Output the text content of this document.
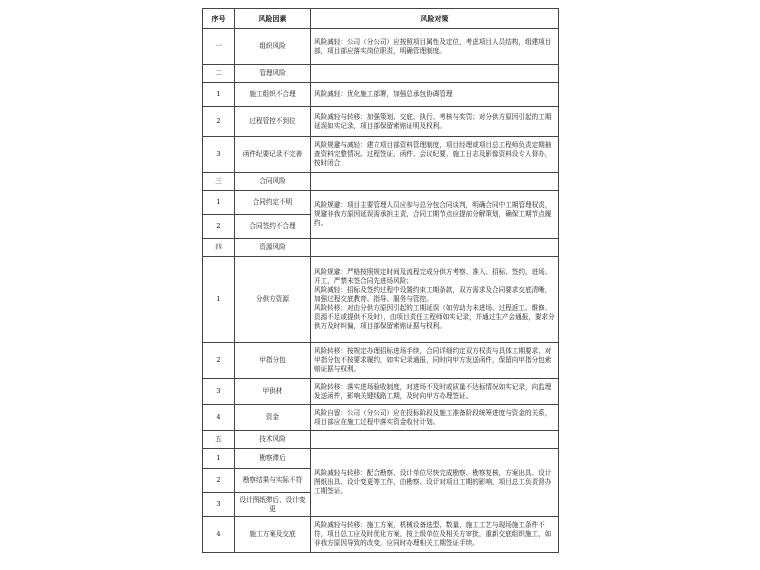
序号	风险因素	风险对策
一	组织风险	风险减轻：公司（分公司）应按照项目属性及定位，考虑项目人员结构，组建项目部，项目部应落实岗位职责，明确管理制度。
二	管理风险	
1	施工组织不合理	风险减轻：优化施工部署，加强总承包协调管理
2	过程管控不到位	风险减轻与转移：加强策划、交底、执行、考核与奖罚；对分供方原因引起的工期延误如实记录，项目部保留索赔证明及权利。
3	函件纪要记录不完善	风险规避与减轻：建立项目部资料管理制度，项目经理或项目总工程师负责定期抽查资料完整情况。过程签证、函件、会议纪要、施工日志及影像资料设专人督办，按时闭合
三	合同风险	
1	合同约定不明	风险规避：项目主要管理人员应参与总分包合同谈判，明确合同中工期管理权责，规避非我方原因延误需承担主责，合同工期节点应提前分解策划，确保工期节点履约。
2	合同签约不合理	
四	资源风险	
1	分供方资源	风险规避：严格按照规定时间及流程完成分供方考察、准入、招标、签约，进场、开工，严禁未签合同先进场风险；
风险减轻：招标及签约过程中设置约束工期条款，双方需求及合同要求交底清晰，加强过程交底教育、指导、服务与管控。
风险转移：对由分供方原因引起的工期延误（如劳动力未进场、过程返工、维修、资源不足或提供不及时），由项目责任工程师如实记录，并通过生产会通报，要求分供方及时纠偏，项目部保留索赔证据与权利。

2	甲指分包	风险转移：按规定办理招标进场手续，合同详细约定双方权责与具体工期要求，对甲指分包不按要求履约，如实记录通报，同时向甲方发送函件，保留向甲指分包索赔证据与权利。
3	甲供材	风险转移：落实进场验收制度，对进场不及时或质量不达标情况如实记录，向监理发送函件，影响关键线路工期，及时向甲方办理签证。
4	资金	风险自留：公司（分公司）应在投标阶段及施工准备阶段统筹进度与资金的关系，项目部应在施工过程中落实资金收付计划。
五	技术风险	
1	勘察滞后	风险减轻与转移：配合勘察、设计单位尽快完成勘察、勘察复核，方案出具、设计图纸出具、设计变更等工作，由勘察、设计对项目工期的影响，项目总工负责督办工期签证。
2	勘察结果与实际不符	
3	设计图纸滞后、设计变更	
4	施工方案及交底	风险减轻与转移：施工方案，机械设备选型、数量、施工工艺与现场施工条件不符，项目总工应及时优化方案，按上级单位及相关方审批，重新交底组织施工，如非我方原因导致的改变，应同时办理相关工期签证手续。
